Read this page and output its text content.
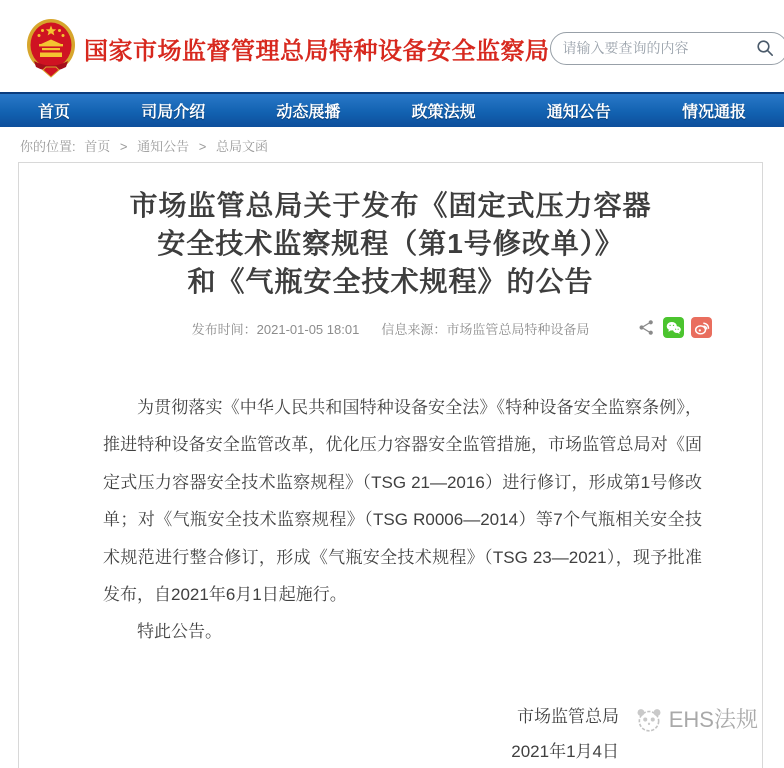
国家市场监督管理总局特种设备安全监察局
请输入要查询的内容
首页	司局介绍	动态展播	政策法规	通知公告	情况通报
你的位置: 首页 > 通知公告 > 总局文函
市场监管总局关于发布《固定式压力容器
安全技术监察规程（第1号修改单）》
和《气瓶安全技术规程》的公告
发布时间：2021-01-05 18:01 信息来源：市场监管总局特种设备局

为贯彻落实《中华人民共和国特种设备安全法》《特种设备安全监察条例》，推进特种设备安全监管改革，优化压力容器安全监管措施，市场监管总局对《固定式压力容器安全技术监察规程》（TSG 21—2016）进行修订，形成第1号修改单；对《气瓶安全技术监察规程》（TSG R0006—2014）等7个气瓶相关安全技术规范进行整合修订，形成《气瓶安全技术规程》（TSG 23—2021），现予批准发布，自2021年6月1日起施行。

特此公告。

市场监管总局
2021年1月4日
EHS法规
